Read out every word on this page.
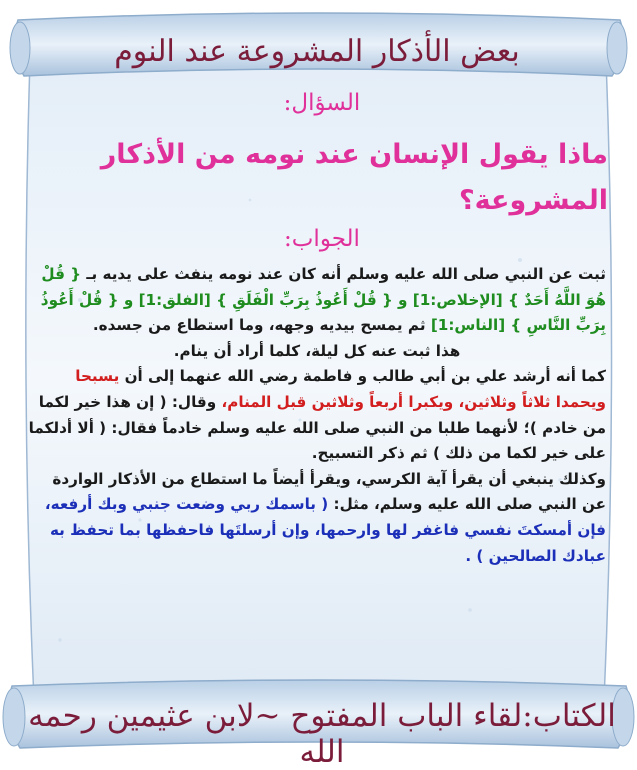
بعض الأذكار المشروعة عند النوم
السؤال:
ماذا يقول الإنسان عند نومه من الأذكار المشروعة؟
الجواب:

ثبت عن النبي صلى الله عليه وسلم أنه كان عند نومه ينفث على يديه بـ { قُلْ هُوَ اللَّهُ أَحَدٌ } [الإخلاص:1] و { قُلْ أَعُوذُ بِرَبِّ الْفَلَقِ } [الفلق:1] و { قُلْ أَعُوذُ بِرَبِّ النَّاسِ } [الناس:1] ثم يمسح بيديه وجهه، وما استطاع من جسده.

هذا ثبت عنه كل ليلة، كلما أراد أن ينام.

كما أنه أرشد علي بن أبي طالب و فاطمة رضي الله عنهما إلى أن يسبحا ويحمدا ثلاثاً وثلاثين، ويكبرا أربعاً وثلاثين قبل المنام، وقال: ( إن هذا خير لكما من خادم )؛ لأنهما طلبا من النبي صلى الله عليه وسلم خادماً فقال: ( ألا أدلكما على خير لكما من ذلك ) ثم ذكر التسبيح.

وكذلك ينبغي أن يقرأ آية الكرسي، ويقرأ أيضاً ما استطاع من الأذكار الواردة عن النبي صلى الله عليه وسلم، مثل: ( باسمك ربي وضعت جنبي وبك أرفعه، فإن أمسكتَ نفسي فاغفر لها وارحمها، وإن أرسلتَها فاحفظها بما تحفظ به عبادك الصالحين ) .

الكتاب:لقاء الباب المفتوح ~لابن عثيمين رحمه الله
